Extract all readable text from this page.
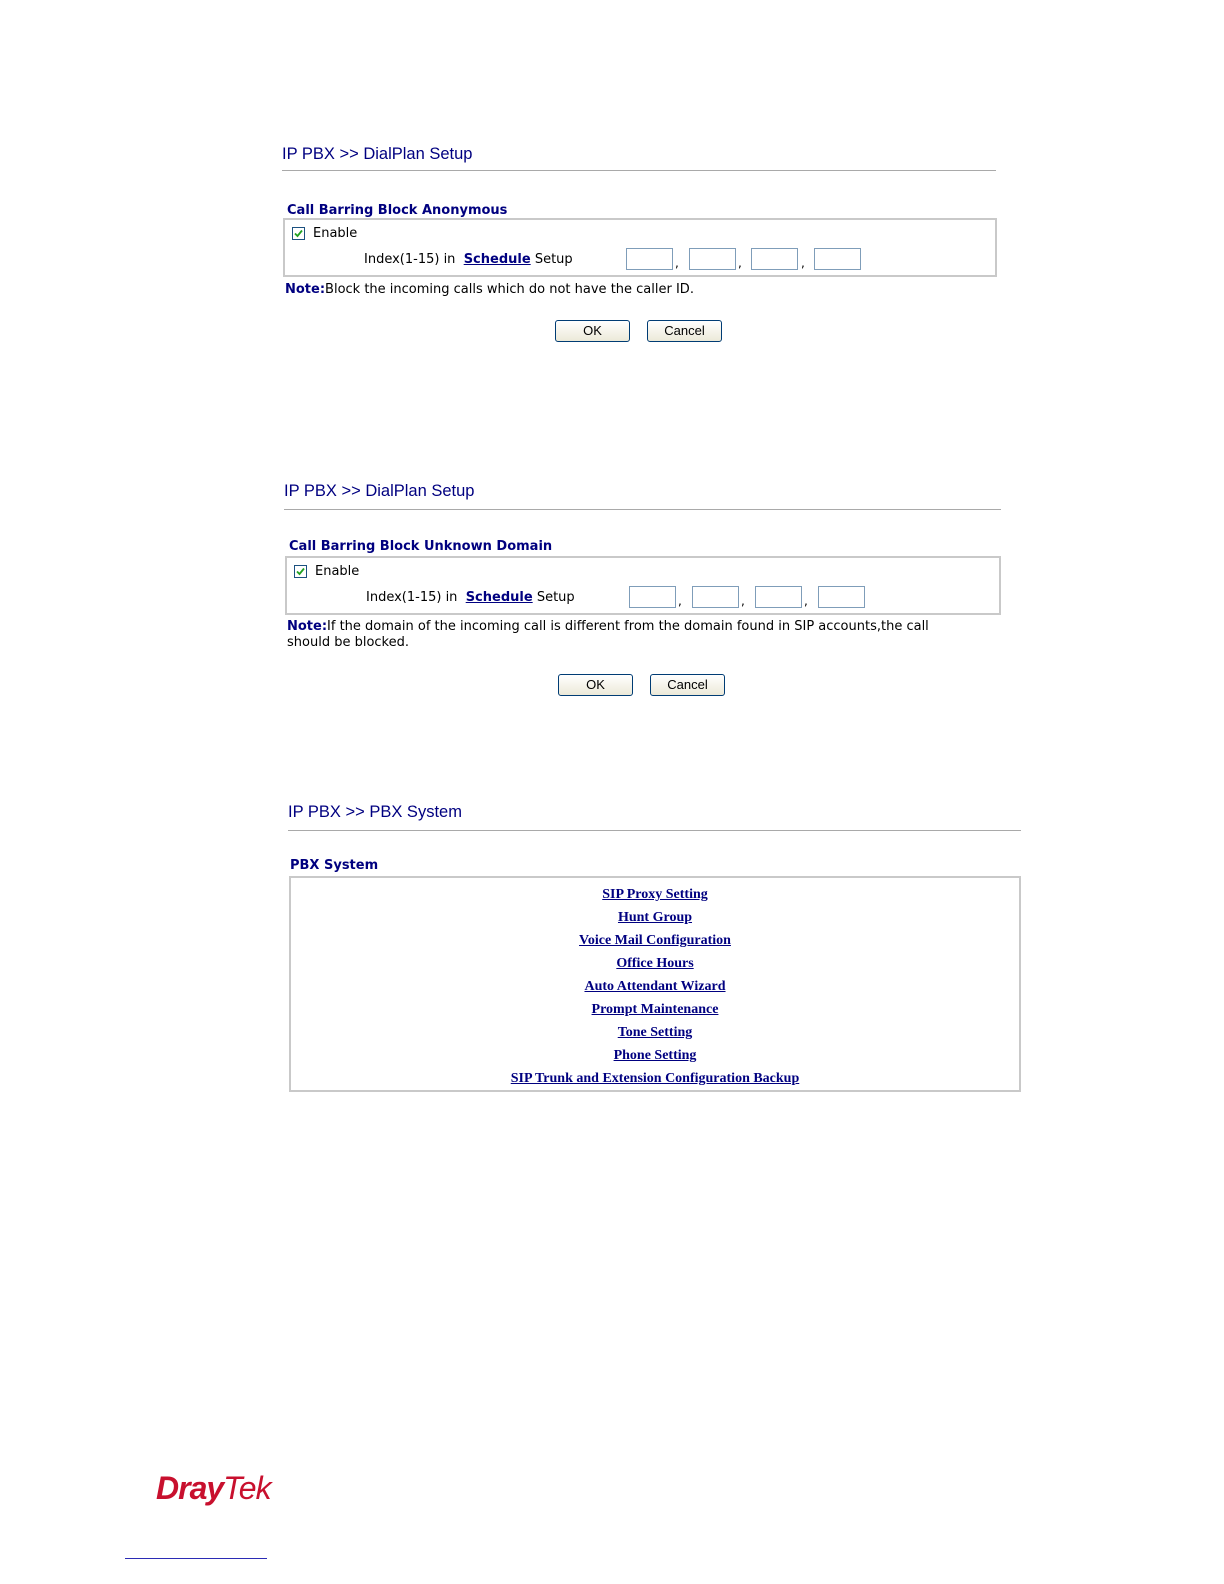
IP PBX >> DialPlan Setup
Call Barring Block Anonymous
Enable
Index(1-15) in Schedule Setup	,	,	,
Note:Block the incoming calls which do not have the caller ID.
OK	Cancel
IP PBX >> DialPlan Setup
Call Barring Block Unknown Domain
Enable
Index(1-15) in Schedule Setup	,	,	,
Note:If the domain of the incoming call is different from the domain found in SIP accounts,the call
should be blocked.
OK	Cancel
IP PBX >> PBX System
PBX System
SIP Proxy Setting
Hunt Group
Voice Mail Configuration
Office Hours
Auto Attendant Wizard
Prompt Maintenance
Tone Setting
Phone Setting
SIP Trunk and Extension Configuration Backup
DrayTek
